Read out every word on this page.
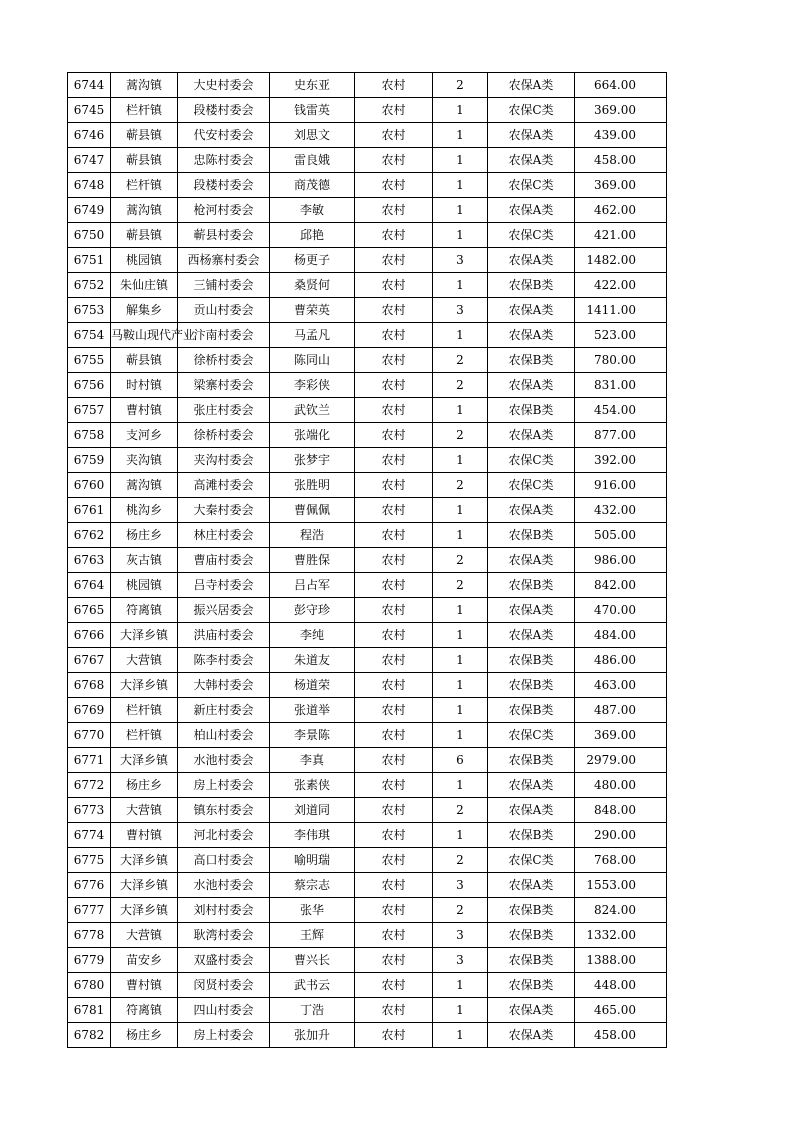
6744	蒿沟镇	大史村委会	史东亚	农村	2	农保A类	664.00
6745	栏杆镇	段楼村委会	钱雷英	农村	1	农保C类	369.00
6746	蕲县镇	代安村委会	刘思文	农村	1	农保A类	439.00
6747	蕲县镇	忠陈村委会	雷良娥	农村	1	农保A类	458.00
6748	栏杆镇	段楼村委会	商茂德	农村	1	农保C类	369.00
6749	蒿沟镇	枪河村委会	李敏	农村	1	农保A类	462.00
6750	蕲县镇	蕲县村委会	邱艳	农村	1	农保C类	421.00
6751	桃园镇	西杨寨村委会	杨更子	农村	3	农保A类	1482.00
6752	朱仙庄镇	三铺村委会	桑贤何	农村	1	农保B类	422.00
6753	解集乡	贡山村委会	曹荣英	农村	3	农保A类	1411.00
6754	马鞍山现代产业	汴南村委会	马孟凡	农村	1	农保A类	523.00
6755	蕲县镇	徐桥村委会	陈同山	农村	2	农保B类	780.00
6756	时村镇	梁寨村委会	李彩侠	农村	2	农保A类	831.00
6757	曹村镇	张庄村委会	武钦兰	农村	1	农保B类	454.00
6758	支河乡	徐桥村委会	张端化	农村	2	农保A类	877.00
6759	夹沟镇	夹沟村委会	张梦宇	农村	1	农保C类	392.00
6760	蒿沟镇	高滩村委会	张胜明	农村	2	农保C类	916.00
6761	桃沟乡	大秦村委会	曹佩佩	农村	1	农保A类	432.00
6762	杨庄乡	林庄村委会	程浩	农村	1	农保B类	505.00
6763	灰古镇	曹庙村委会	曹胜保	农村	2	农保A类	986.00
6764	桃园镇	吕寺村委会	吕占军	农村	2	农保B类	842.00
6765	符离镇	振兴居委会	彭守珍	农村	1	农保A类	470.00
6766	大泽乡镇	洪庙村委会	李纯	农村	1	农保A类	484.00
6767	大营镇	陈李村委会	朱道友	农村	1	农保B类	486.00
6768	大泽乡镇	大韩村委会	杨道荣	农村	1	农保B类	463.00
6769	栏杆镇	新庄村委会	张道举	农村	1	农保B类	487.00
6770	栏杆镇	柏山村委会	李景陈	农村	1	农保C类	369.00
6771	大泽乡镇	水池村委会	李真	农村	6	农保B类	2979.00
6772	杨庄乡	房上村委会	张素侠	农村	1	农保A类	480.00
6773	大营镇	镇东村委会	刘道同	农村	2	农保A类	848.00
6774	曹村镇	河北村委会	李伟琪	农村	1	农保B类	290.00
6775	大泽乡镇	高口村委会	喻明瑞	农村	2	农保C类	768.00
6776	大泽乡镇	水池村委会	蔡宗志	农村	3	农保A类	1553.00
6777	大泽乡镇	刘村村委会	张华	农村	2	农保B类	824.00
6778	大营镇	耿湾村委会	王辉	农村	3	农保B类	1332.00
6779	苗安乡	双盛村委会	曹兴长	农村	3	农保B类	1388.00
6780	曹村镇	闵贤村委会	武书云	农村	1	农保B类	448.00
6781	符离镇	四山村委会	丁浩	农村	1	农保A类	465.00
6782	杨庄乡	房上村委会	张加升	农村	1	农保A类	458.00
